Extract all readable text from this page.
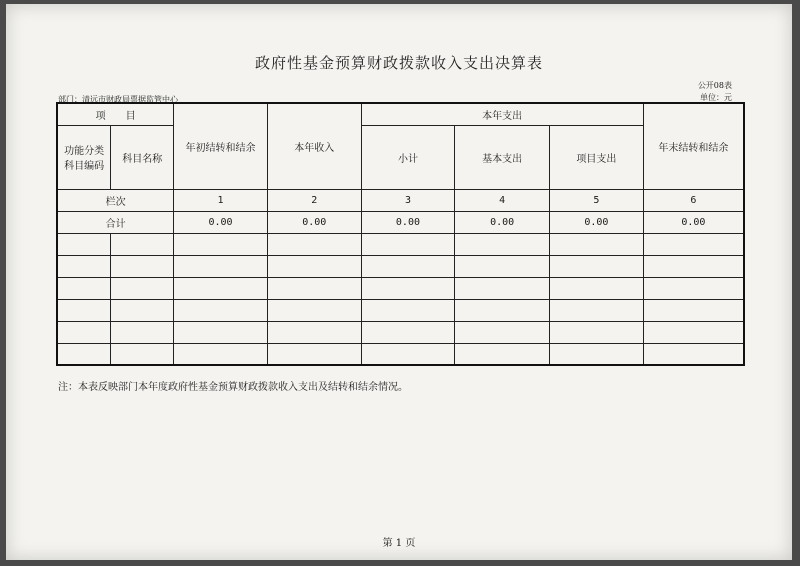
政府性基金预算财政拨款收入支出决算表
公开08表
部门：清远市财政局票据监管中心	单位：元
项　　目		年初结转和结余	本年收入	本年支出			年末结转和结余
功能分类科目编码	科目名称			小计	基本支出	项目支出	
栏次		1	2	3	4	5	6
合计		0.00	0.00	0.00	0.00	0.00	0.00

注：本表反映部门本年度政府性基金预算财政拨款收入支出及结转和结余情况。
第 1 页
